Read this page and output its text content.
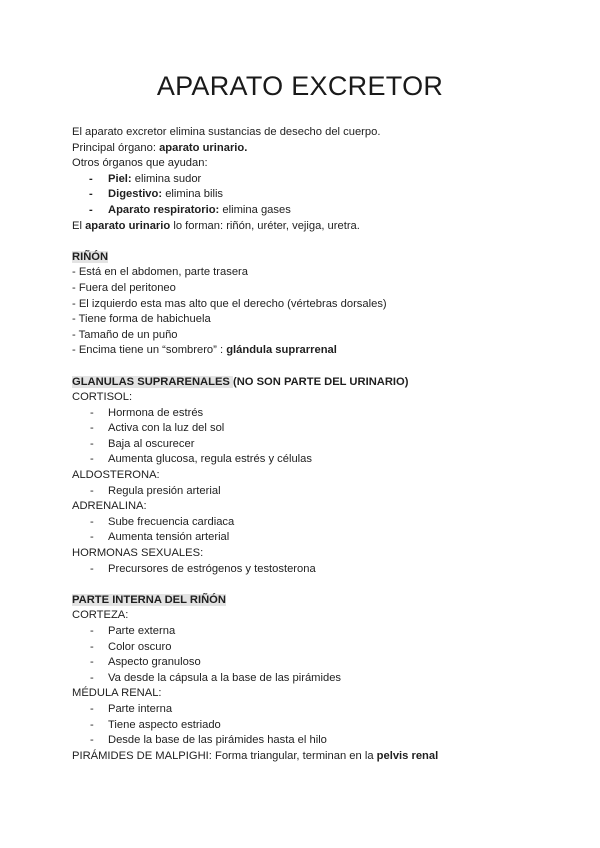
APARATO EXCRETOR
El aparato excretor elimina sustancias de desecho del cuerpo.
Principal órgano: aparato urinario.
Otros órganos que ayudan:
- Piel: elimina sudor
- Digestivo: elimina bilis
- Aparato respiratorio: elimina gases
El aparato urinario lo forman: riñón, uréter, vejiga, uretra.
RIÑÓN
- Está en el abdomen, parte trasera
- Fuera del peritoneo
- El izquierdo esta mas alto que el derecho (vértebras dorsales)
- Tiene forma de habichuela
- Tamaño de un puño
- Encima tiene un “sombrero” : glándula suprarrenal
GLANULAS SUPRARENALES (NO SON PARTE DEL URINARIO)
CORTISOL:
- Hormona de estrés
- Activa con la luz del sol
- Baja al oscurecer
- Aumenta glucosa, regula estrés y células
ALDOSTERONA:
- Regula presión arterial
ADRENALINA:
- Sube frecuencia cardiaca
- Aumenta tensión arterial
HORMONAS SEXUALES:
- Precursores de estrógenos y testosterona
PARTE INTERNA DEL RIÑÓN
CORTEZA:
- Parte externa
- Color oscuro
- Aspecto granuloso
- Va desde la cápsula a la base de las pirámides
MÉDULA RENAL:
- Parte interna
- Tiene aspecto estriado
- Desde la base de las pirámides hasta el hilo
PIRÁMIDES DE MALPIGHI: Forma triangular, terminan en la pelvis renal
